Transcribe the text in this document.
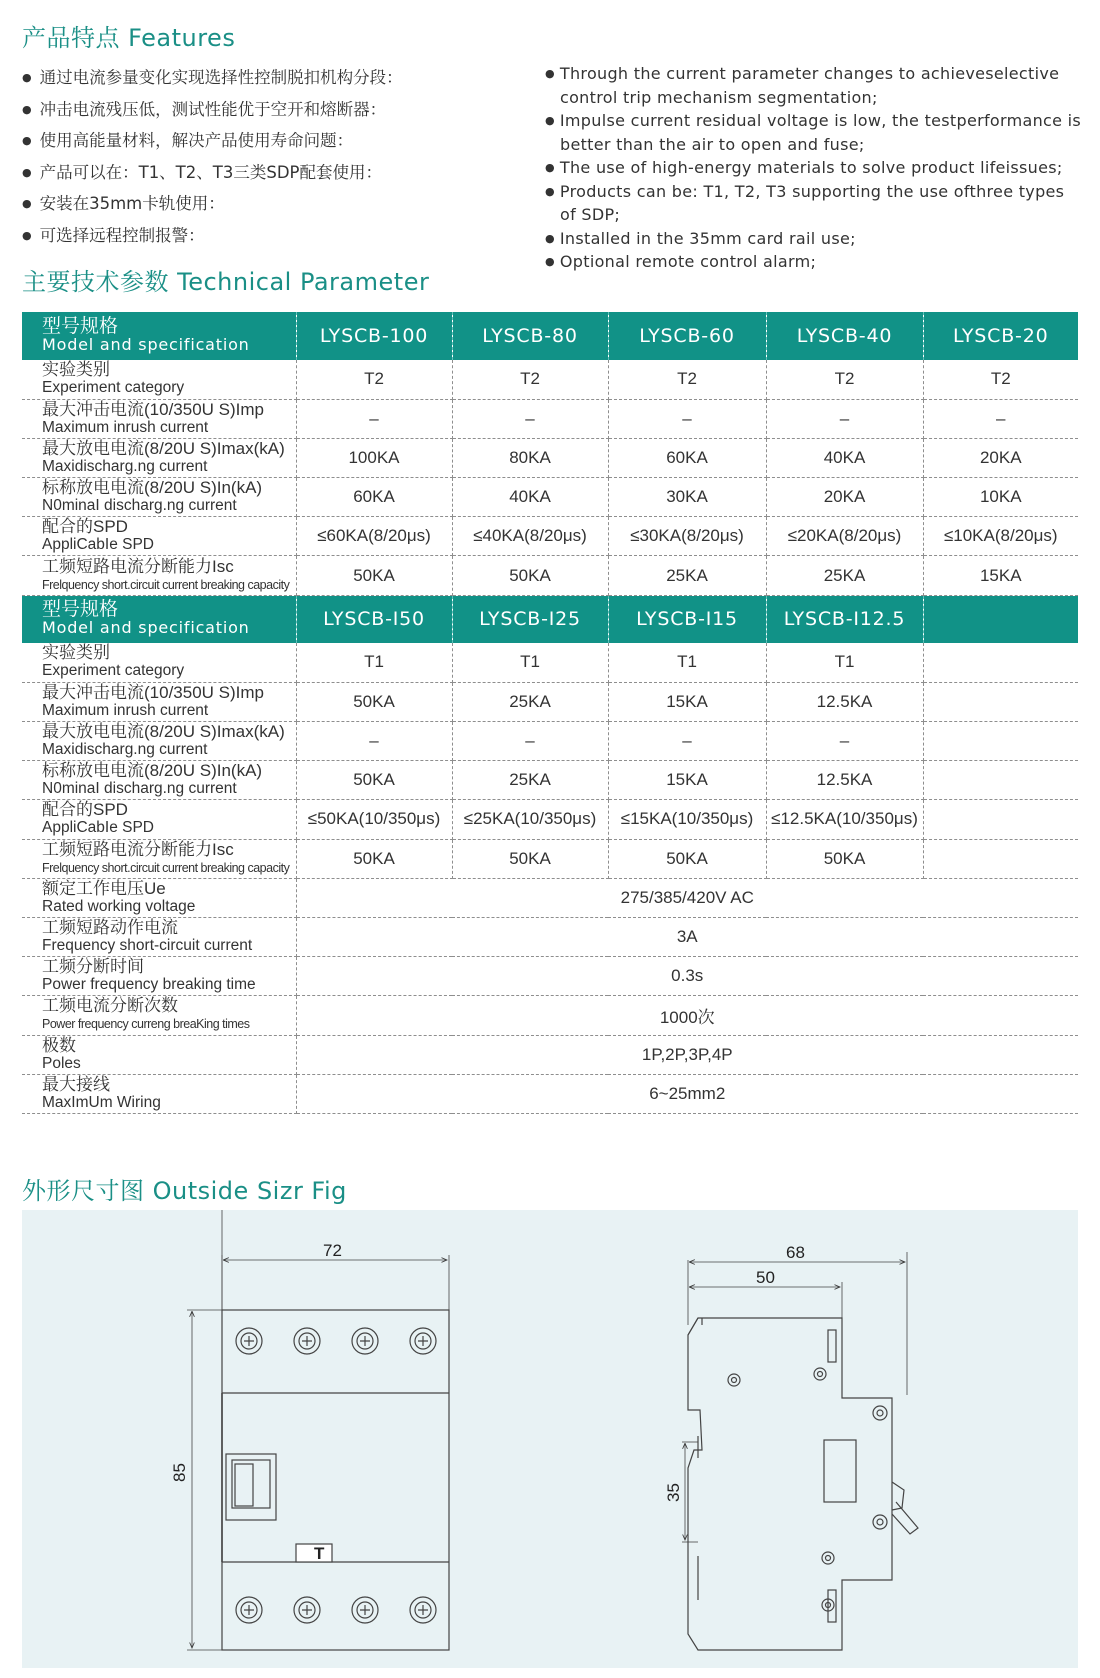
产品特点 Features
● 通过电流参量变化实现选择性控制脱扣机构分段：
● 冲击电流残压低，测试性能优于空开和熔断器：
● 使用高能量材料，解决产品使用寿命问题：
● 产品可以在：T1、T2、T3三类SDP配套使用：
● 安装在35mm卡轨使用：
● 可选择远程控制报警：
● Through the current parameter changes to achieveselective control trip mechanism segmentation;
● Impulse current residual voltage is low, the testperformance is better than the air to open and fuse;
● The use of high-energy materials to solve product lifeissues;
● Products can be: T1, T2, T3 supporting the use ofthree types of SDP;
● Installed in the 35mm card rail use;
● Optional remote control alarm;
主要技术参数 Technical Parameter
型号规格
Model and specification	LYSCB-100	LYSCB-80	LYSCB-60	LYSCB-40	LYSCB-20

实验类别
Experiment category	T2	T2	T2	T2	T2

最大冲击电流(10/350U S)Imp
Maximum inrush current	–	–	–	–	–

最大放电电流(8/20U S)Imax(kA)
Maxidischarg.ng current	100KA	80KA	60KA	40KA	20KA

标称放电电流(8/20U S)In(kA)
N0minaI discharg.ng current	60KA	40KA	30KA	20KA	10KA

配合的SPD
AppliCabIe SPD	≤60KA(8/20μs)	≤40KA(8/20μs)	≤30KA(8/20μs)	≤20KA(8/20μs)	≤10KA(8/20μs)

工频短路电流分断能力Isc
Frelquency short.circuit current breaking capacity	50KA	50KA	25KA	25KA	15KA

型号规格
Model and specification	LYSCB-I50	LYSCB-I25	LYSCB-I15	LYSCB-I12.5	

实验类别
Experiment category	T1	T1	T1	T1	

最大冲击电流(10/350U S)Imp
Maximum inrush current	50KA	25KA	15KA	12.5KA	

最大放电电流(8/20U S)Imax(kA)
Maxidischarg.ng current	–	–	–	–	

标称放电电流(8/20U S)In(kA)
N0minaI discharg.ng current	50KA	25KA	15KA	12.5KA	

配合的SPD
AppliCabIe SPD	≤50KA(10/350μs)	≤25KA(10/350μs)	≤15KA(10/350μs)	≤12.5KA(10/350μs)	

工频短路电流分断能力Isc
Frelquency short.circuit current breaking capacity	50KA	50KA	50KA	50KA	

额定工作电压Ue
Rated working voltage	275/385/420V AC				

工频短路动作电流
Frequency short-circuit current	3A				

工频分断时间
Power frequency breaking time	0.3s				

工频电流分断次数
Power frequency curreng breaKing times	1000次				

极数
Poles	1P,2P,3P,4P				

最大接线
MaxImUm Wiring	6~25mm2				
外形尺寸图 Outside Sizr Fig
72
T
85
68
50
35
